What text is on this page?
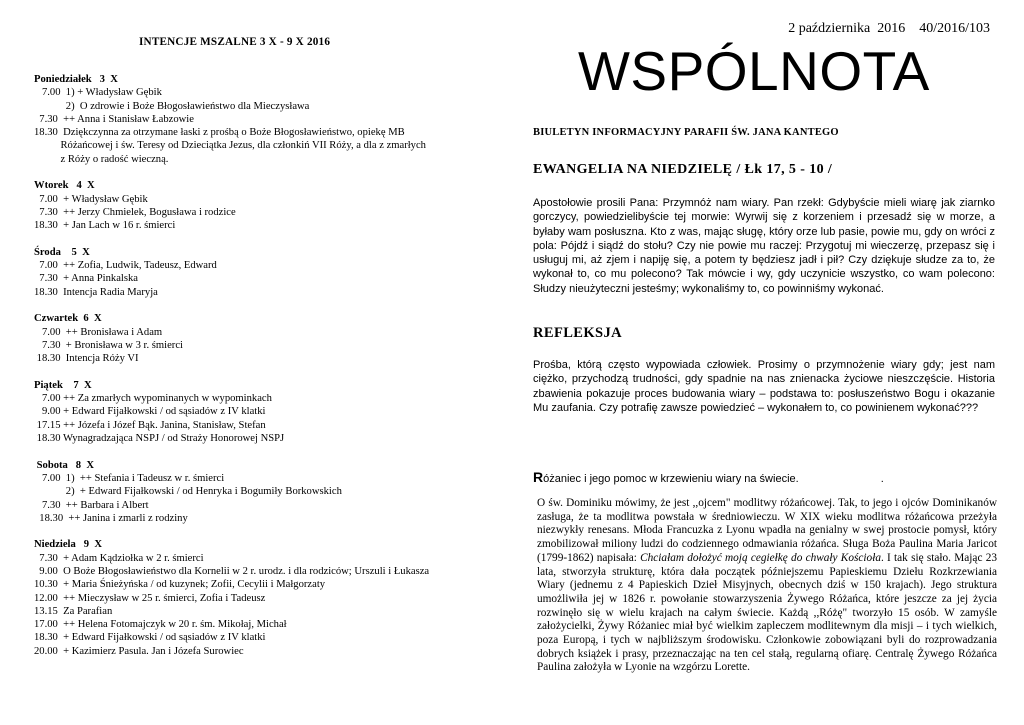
INTENCJE MSZALNE 3 X - 9 X 2016
Poniedziałek   3  X
7.00  1) + Władysław Gębik
2)  O zdrowie i Boże Błogosławieństwo dla Mieczysława
7.30  ++ Anna i Stanisław Łabzowie
18.30  Dziękczynna za otrzymane łaski z prośbą o Boże Błogosławieństwo, opiekę MB
Różańcowej i św. Teresy od Dzieciątka Jezus, dla członkiń VII Róży, a dla z zmarłych
z Róży o radość wieczną.
Wtorek   4  X
7.00  + Władysław Gębik
7.30  ++ Jerzy Chmielek, Bogusława i rodzice
18.30  + Jan Lach w 16 r. śmierci
Środa    5  X
7.00  ++ Zofia, Ludwik, Tadeusz, Edward
7.30  + Anna Pinkalska
18.30  Intencja Radia Maryja
Czwartek  6  X
7.00  ++ Bronisława i Adam
7.30  + Bronisława w 3 r. śmierci
18.30  Intencja Róży VI
Piątek    7  X
7.00 ++ Za zmarłych wypominanych w wypominkach
9.00 + Edward Fijałkowski / od sąsiadów z IV klatki
17.15 ++ Józefa i Józef Bąk. Janina, Stanisław, Stefan
18.30 Wynagradzająca NSPJ / od Straży Honorowej NSPJ
Sobota   8  X
7.00  1)  ++ Stefania i Tadeusz w r. śmierci
2)  + Edward Fijałkowski / od Henryka i Bogumiły Borkowskich
7.30  ++ Barbara i Albert
18.30  ++ Janina i zmarli z rodziny
Niedziela   9  X
7.30  + Adam Kądziołka w 2 r. śmierci
9.00  O Boże Błogosławieństwo dla Kornelii w 2 r. urodz. i dla rodziców; Urszuli i Łukasza
10.30  + Maria Śnieżyńska / od kuzynek; Zofii, Cecylii i Małgorzaty
12.00  ++ Mieczysław w 25 r. śmierci, Zofia i Tadeusz
13.15  Za Parafian
17.00  ++ Helena Fotomajczyk w 20 r. śm. Mikołaj, Michał
18.30  + Edward Fijałkowski / od sąsiadów z IV klatki
20.00  + Kazimierz Pasula. Jan i Józefa Surowiec
2 października  2016    40/2016/103
WSPÓLNOTA
BIULETYN INFORMACYJNY PARAFII ŚW. JANA KANTEGO
EWANGELIA NA NIEDZIELĘ / Łk 17, 5 - 10 /
Apostołowie prosili Pana: Przymnóż nam wiary. Pan rzekł: Gdybyście mieli wiarę jak ziarnko gorczycy, powiedzielibyście tej morwie: Wyrwij się z korzeniem i przesadź się w morze, a byłaby wam posłuszna. Kto z was, mając sługę, który orze lub pasie, powie mu, gdy on wróci z pola: Pójdź i siądź do stołu? Czy nie powie mu raczej: Przygotuj mi wieczerzę, przepasz się i usługuj mi, aż zjem i napiję się, a potem ty będziesz jadł i pił? Czy dziękuje słudze za to, że wykonał to, co mu polecono? Tak mówcie i wy, gdy uczynicie wszystko, co wam polecono: Słudzy nieużyteczni jesteśmy; wykonaliśmy to, co powinniśmy wykonać.
REFLEKSJA
Prośba, którą często wypowiada człowiek. Prosimy o przymnożenie wiary gdy; jest nam ciężko, przychodzą trudności, gdy spadnie na nas znienacka życiowe nieszczęście. Historia zbawienia pokazuje proces budowania wiary – podstawa to: posłuszeństwo Bogu i okazanie Mu zaufania. Czy potrafię zawsze powiedzieć – wykonałem to, co powinienem wykonać???
Różaniec i jego pomoc w krzewieniu wiary na świecie.	.
O św. Dominiku mówimy, że jest ,,ojcem" modlitwy różańcowej. Tak, to jego i ojców Dominikanów zasługa, że ta modlitwa powstała w średniowieczu. W XIX wieku modlitwa różańcowa przeżyła niezwykły renesans. Młoda Francuzka z Lyonu wpadła na genialny w swej prostocie pomysł, który zmobilizował miliony ludzi do codziennego odmawiania różańca. Sługa Boża Paulina Maria Jaricot (1799-1862) napisała: Chciałam dołożyć moją cegiełkę do chwały Kościoła. I tak się stało. Mając 23 lata, stworzyła strukturę, która dała początek późniejszemu Papieskiemu Dziełu Rozkrzewiania Wiary (jednemu z 4 Papieskich Dzieł Misyjnych, obecnych dziś w 150 krajach). Jego struktura umożliwiła jej w 1826 r. powołanie stowarzyszenia Żywego Różańca, które jeszcze za jej życia rozwinęło się w wielu krajach na całym świecie. Każdą ,,Różę" tworzyło 15 osób. W zamyśle założycielki, Żywy Różaniec miał być wielkim zapleczem modlitewnym dla misji – i tych wielkich, poza Europą, i tych w najbliższym środowisku. Członkowie zobowiązani byli do rozprowadzania dobrych książek i prasy, przeznaczając na ten cel stałą, regularną ofiarę. Centralę Żywego Różańca Paulina założyła w Lyonie na wzgórzu Lorette.
